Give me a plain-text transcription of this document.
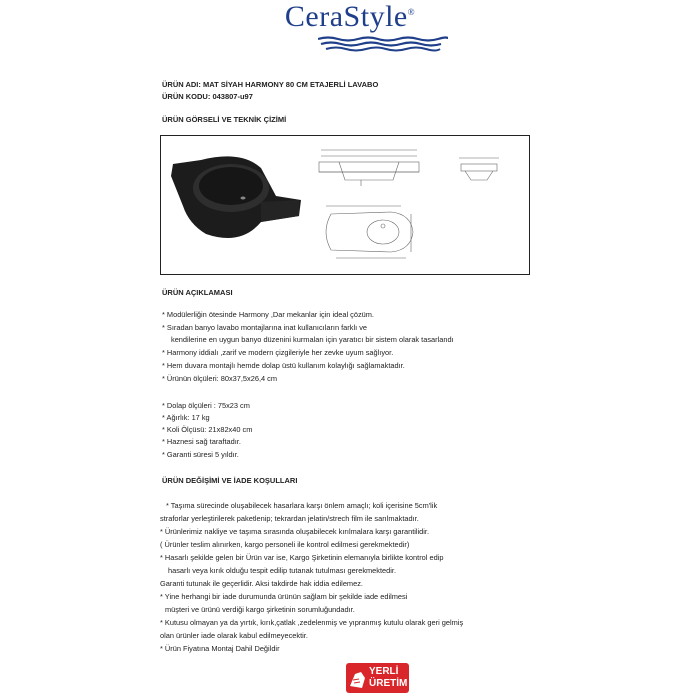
CeraStyle®
ÜRÜN ADI: MAT SİYAH HARMONY 80 CM ETAJERLİ LAVABO
ÜRÜN KODU: 043807-u97
ÜRÜN GÖRSELİ VE TEKNİK ÇİZİMİ
ÜRÜN AÇIKLAMASI
* Modülerliğin ötesinde Harmony ,Dar mekanlar için ideal çözüm.
* Sıradan banyo lavabo montajlarına inat kullanıcıların farklı ve
kendilerine en uygun banyo düzenini kurmaları için yaratıcı bir sistem olarak tasarlandı
* Harmony iddialı ,zarif ve modern çizgileriyle her zevke uyum sağlıyor.
* Hem duvara montajlı hemde dolap üstü kullanım kolaylığı sağlamaktadır.
* Ürünün ölçüleri: 80x37,5x26,4 cm
* Dolap ölçüleri : 75x23 cm
* Ağırlık: 17 kg
* Koli Ölçüsü: 21x82x40 cm
* Haznesi sağ taraftadır.
* Garanti süresi 5 yıldır.
ÜRÜN DEĞİŞİMİ VE İADE KOŞULLARI
* Taşıma sürecinde oluşabilecek hasarlara karşı önlem amaçlı; koli içerisine 5cm'lik
straforlar yerleştirilerek paketlenip; tekrardan jelatin/strech film ile sarılmaktadır.
* Ürünlerimiz nakliye ve taşıma sırasında oluşabilecek kırılmalara karşı garantilidir.
( Ürünler teslim alınırken, kargo personeli ile kontrol edilmesi gerekmektedir)
* Hasarlı şekilde gelen bir Ürün var ise, Kargo Şirketinin elemanıyla birlikte kontrol edip
hasarlı veya kırık olduğu tespit edilip tutanak tutulması gerekmektedir.
Garanti tutunak ile geçerlidir. Aksi takdirde hak iddia edilemez.
* Yine herhangi bir iade durumunda ürünün sağlam bir şekilde iade edilmesi
müşteri ve ürünü verdiği kargo şirketinin sorumluğundadır.
* Kutusu olmayan ya da yırtık, kırık,çatlak ,zedelenmiş ve yıpranmış kutulu olarak geri gelmiş
olan ürünler iade olarak kabul edilmeyecektir.
* Ürün Fiyatına Montaj Dahil Değildir
YERLİ
ÜRETİM
